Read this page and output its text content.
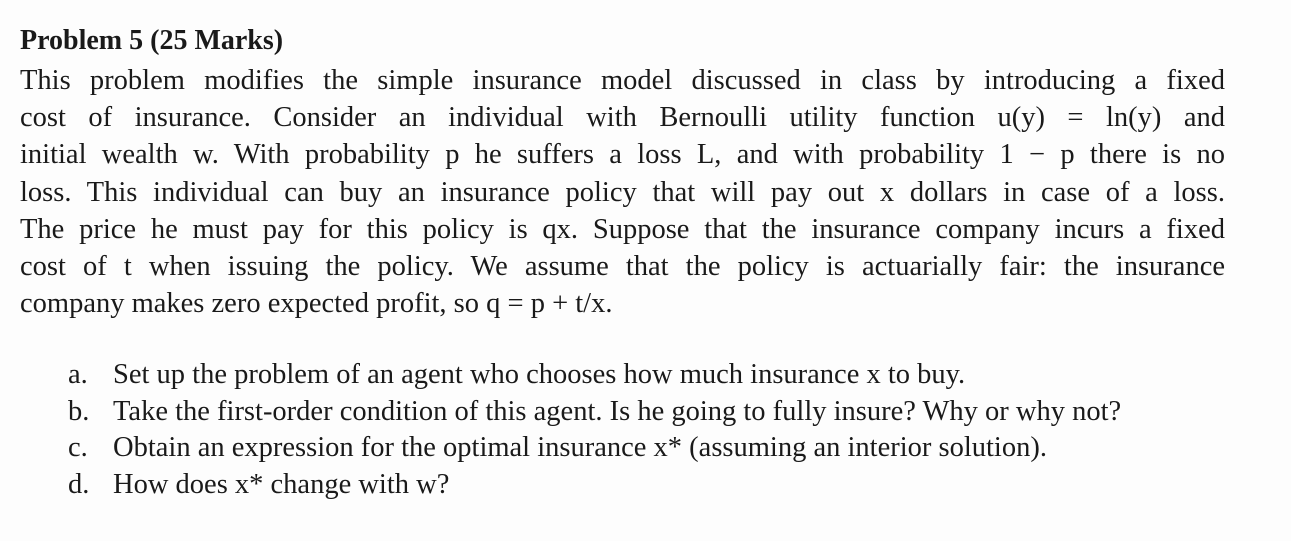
Problem 5 (25 Marks)

This problem modifies the simple insurance model discussed in class by introducing a fixed
cost of insurance. Consider an individual with Bernoulli utility function u(y) = ln(y) and
initial wealth w. With probability p he suffers a loss L, and with probability 1 − p there is no
loss. This individual can buy an insurance policy that will pay out x dollars in case of a loss.
The price he must pay for this policy is qx. Suppose that the insurance company incurs a fixed
cost of t when issuing the policy. We assume that the policy is actuarially fair: the insurance
company makes zero expected profit, so q = p + t/x.

a. Set up the problem of an agent who chooses how much insurance x to buy.
b. Take the first-order condition of this agent. Is he going to fully insure? Why or why not?
c. Obtain an expression for the optimal insurance x* (assuming an interior solution).
d. How does x* change with w?
